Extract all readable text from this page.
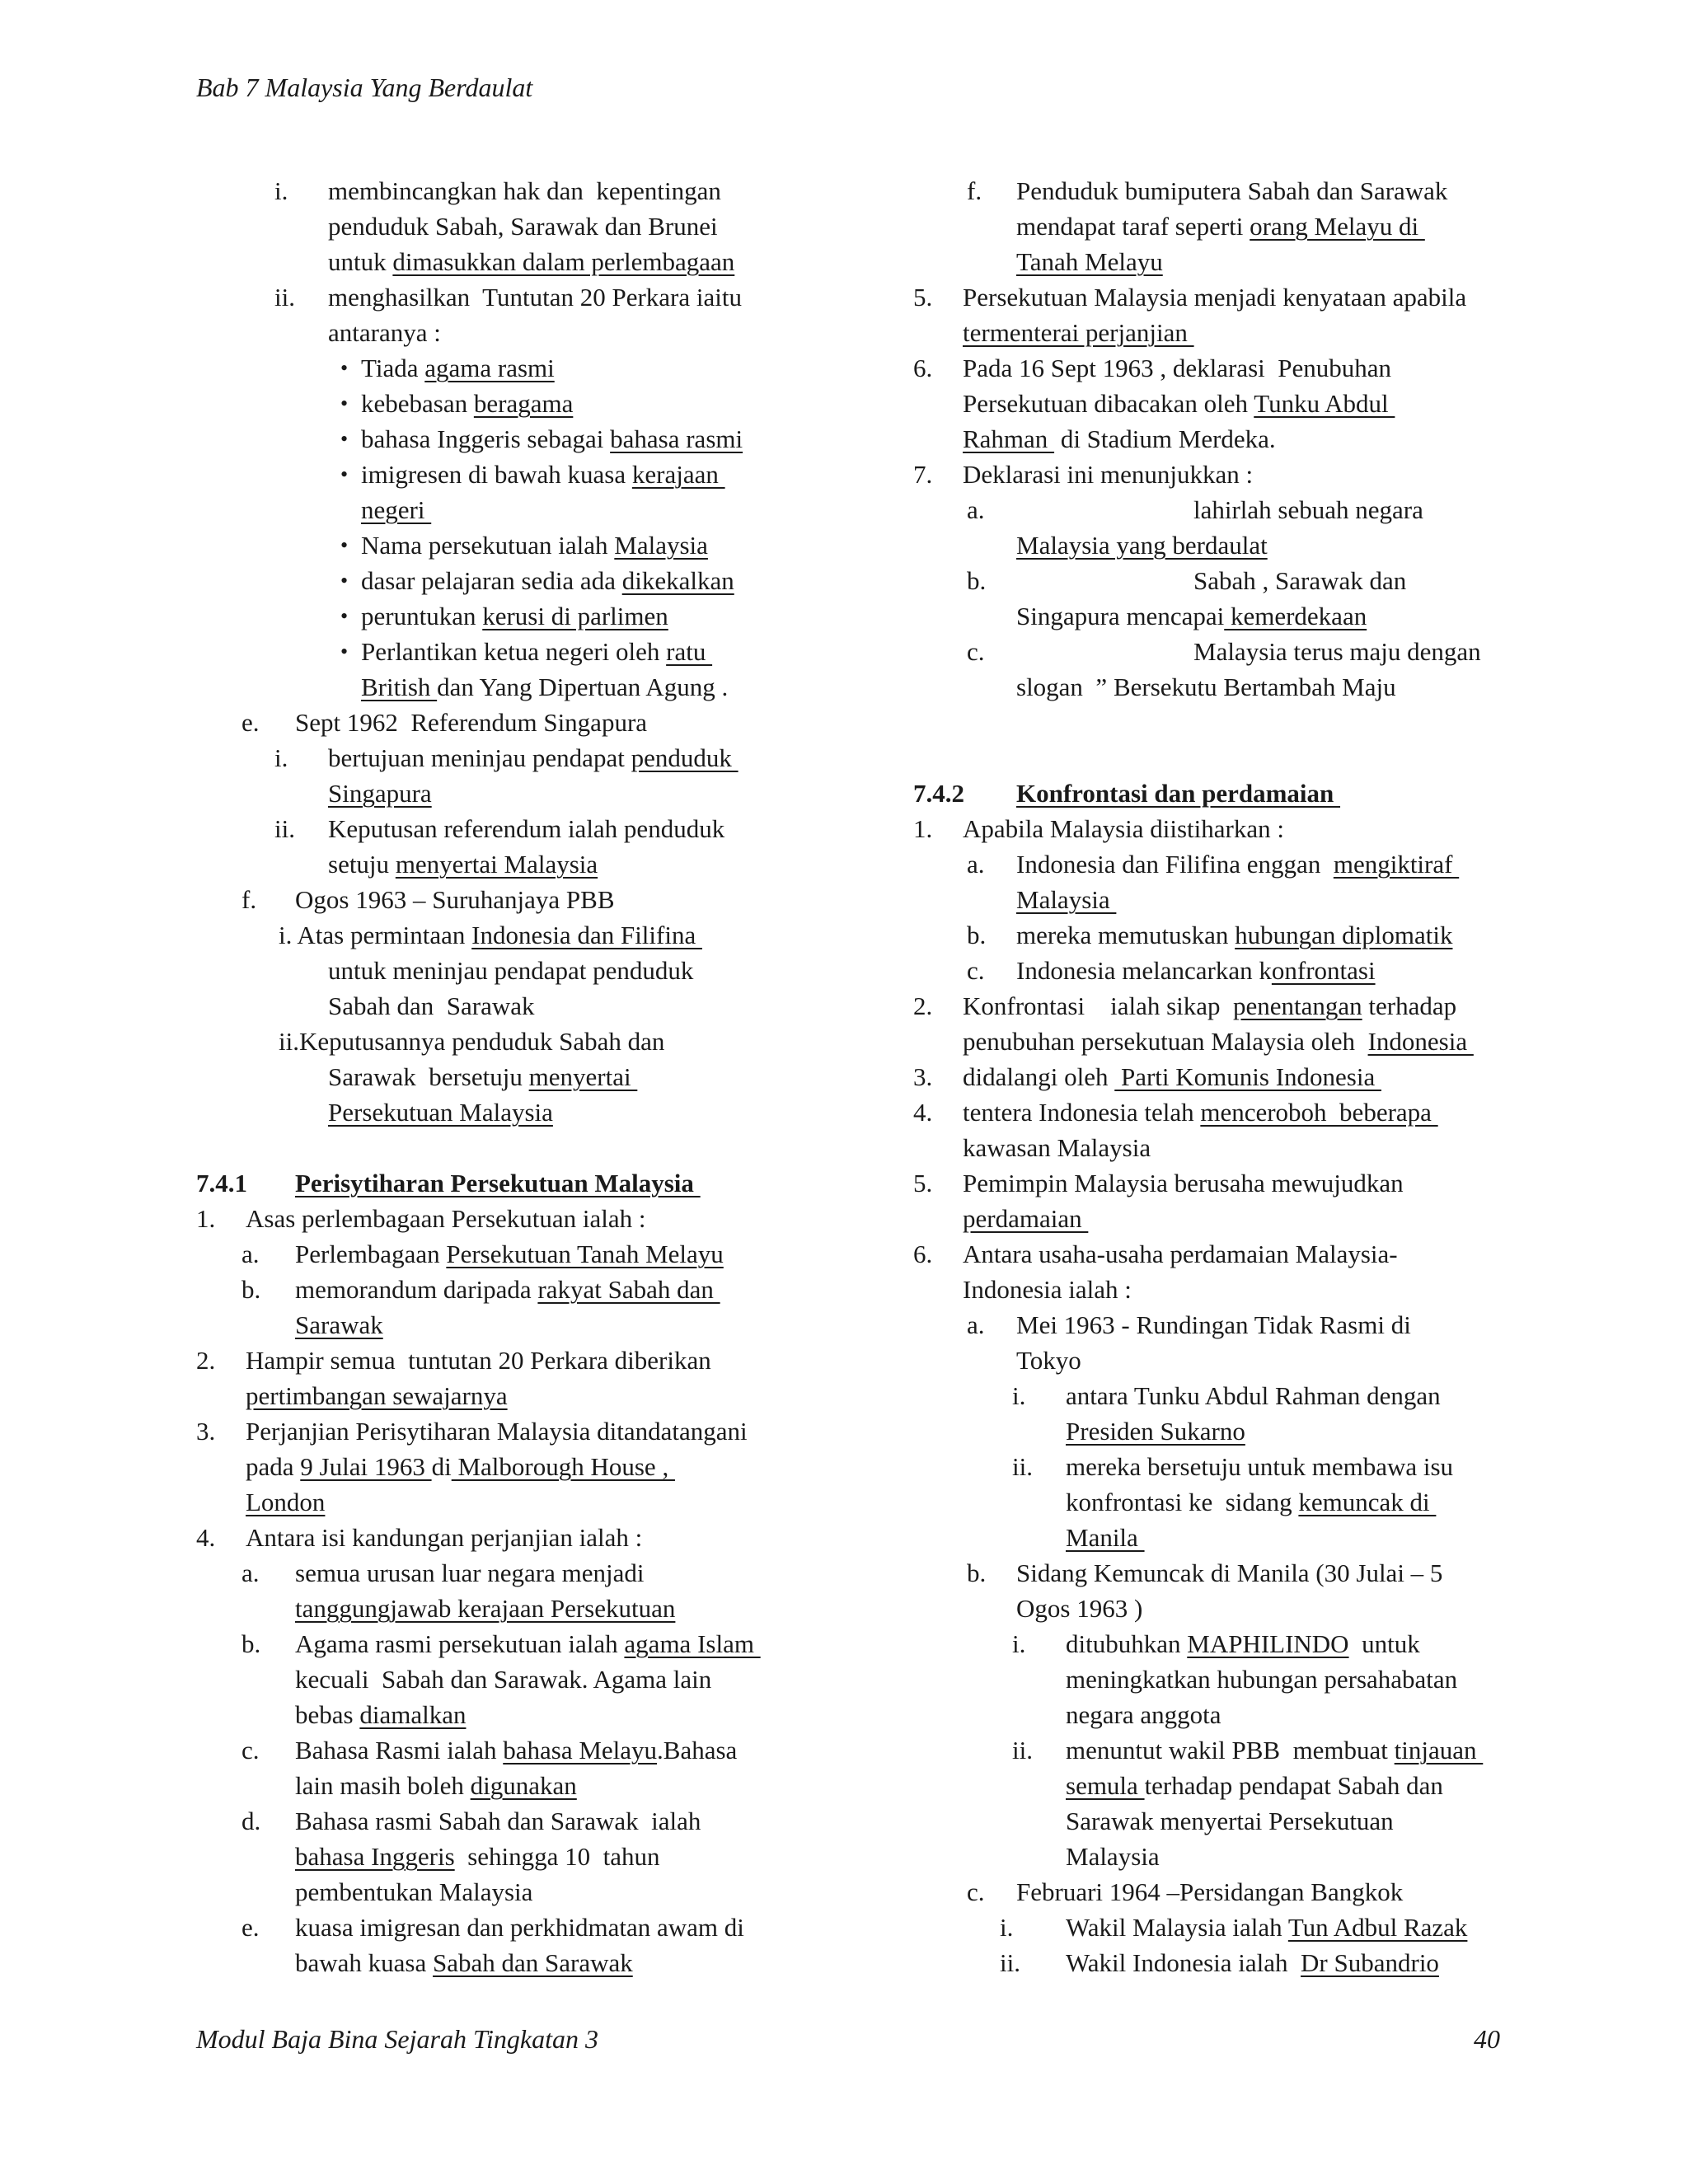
Bab 7 Malaysia Yang Berdaulat
i. membincangkan hak dan  kepentingan
penduduk Sabah, Sarawak dan Brunei
untuk dimasukkan dalam perlembagaan
ii. menghasilkan  Tuntutan 20 Perkara iaitu
antaranya :
• Tiada agama rasmi
• kebebasan beragama
• bahasa Inggeris sebagai bahasa rasmi
• imigresen di bawah kuasa kerajaan
negeri
• Nama persekutuan ialah Malaysia
• dasar pelajaran sedia ada dikekalkan
• peruntukan kerusi di parlimen
• Perlantikan ketua negeri oleh ratu
British dan Yang Dipertuan Agung .
e. Sept 1962  Referendum Singapura
i. bertujuan meninjau pendapat penduduk
Singapura
ii. Keputusan referendum ialah penduduk
setuju menyertai Malaysia
f. Ogos 1963 – Suruhanjaya PBB
i. Atas permintaan Indonesia dan Filifina
untuk meninjau pendapat penduduk
Sabah dan  Sarawak
ii.Keputusannya penduduk Sabah dan
Sarawak  bersetuju menyertai
Persekutuan Malaysia
7.4.1 Perisytiharan Persekutuan Malaysia
1. Asas perlembagaan Persekutuan ialah :
a. Perlembagaan Persekutuan Tanah Melayu
b. memorandum daripada rakyat Sabah dan
Sarawak
2. Hampir semua  tuntutan 20 Perkara diberikan
pertimbangan sewajarnya
3. Perjanjian Perisytiharan Malaysia ditandatangani
pada 9 Julai 1963 di Malborough House ,
London
4. Antara isi kandungan perjanjian ialah :
a. semua urusan luar negara menjadi
tanggungjawab kerajaan Persekutuan
b. Agama rasmi persekutuan ialah agama Islam
kecuali  Sabah dan Sarawak. Agama lain
bebas diamalkan
c. Bahasa Rasmi ialah bahasa Melayu.Bahasa
lain masih boleh digunakan
d. Bahasa rasmi Sabah dan Sarawak  ialah
bahasa Inggeris  sehingga 10  tahun
pembentukan Malaysia
e. kuasa imigresan dan perkhidmatan awam di
bawah kuasa Sabah dan Sarawak
f. Penduduk bumiputera Sabah dan Sarawak
mendapat taraf seperti orang Melayu di
Tanah Melayu
5. Persekutuan Malaysia menjadi kenyataan apabila
termenterai perjanjian
6. Pada 16 Sept 1963 , deklarasi  Penubuhan
Persekutuan dibacakan oleh Tunku Abdul
Rahman  di Stadium Merdeka.
7. Deklarasi ini menunjukkan :
a.	lahirlah sebuah negara
Malaysia yang berdaulat
b.	Sabah , Sarawak dan
Singapura mencapai kemerdekaan
c.	Malaysia terus maju dengan
slogan  ” Bersekutu Bertambah Maju
7.4.2 Konfrontasi dan perdamaian
1. Apabila Malaysia diistiharkan :
a. Indonesia dan Filifina enggan  mengiktiraf
Malaysia
b. mereka memutuskan hubungan diplomatik
c. Indonesia melancarkan konfrontasi
2. Konfrontasi    ialah sikap  penentangan terhadap
penubuhan persekutuan Malaysia oleh  Indonesia
3. didalangi oleh  Parti Komunis Indonesia
4. tentera Indonesia telah menceroboh  beberapa
kawasan Malaysia
5. Pemimpin Malaysia berusaha mewujudkan
perdamaian
6. Antara usaha-usaha perdamaian Malaysia-
Indonesia ialah :
a. Mei 1963 - Rundingan Tidak Rasmi di
Tokyo
i. antara Tunku Abdul Rahman dengan
Presiden Sukarno
ii. mereka bersetuju untuk membawa isu
konfrontasi ke  sidang kemuncak di
Manila
b. Sidang Kemuncak di Manila (30 Julai – 5
Ogos 1963 )
i. ditubuhkan MAPHILINDO  untuk
meningkatkan hubungan persahabatan
negara anggota
ii. menuntut wakil PBB  membuat tinjauan
semula terhadap pendapat Sabah dan
Sarawak menyertai Persekutuan
Malaysia
c. Februari 1964 –Persidangan Bangkok
i. Wakil Malaysia ialah Tun Adbul Razak
ii. Wakil Indonesia ialah  Dr Subandrio
Modul Baja Bina Sejarah Tingkatan 3	40
